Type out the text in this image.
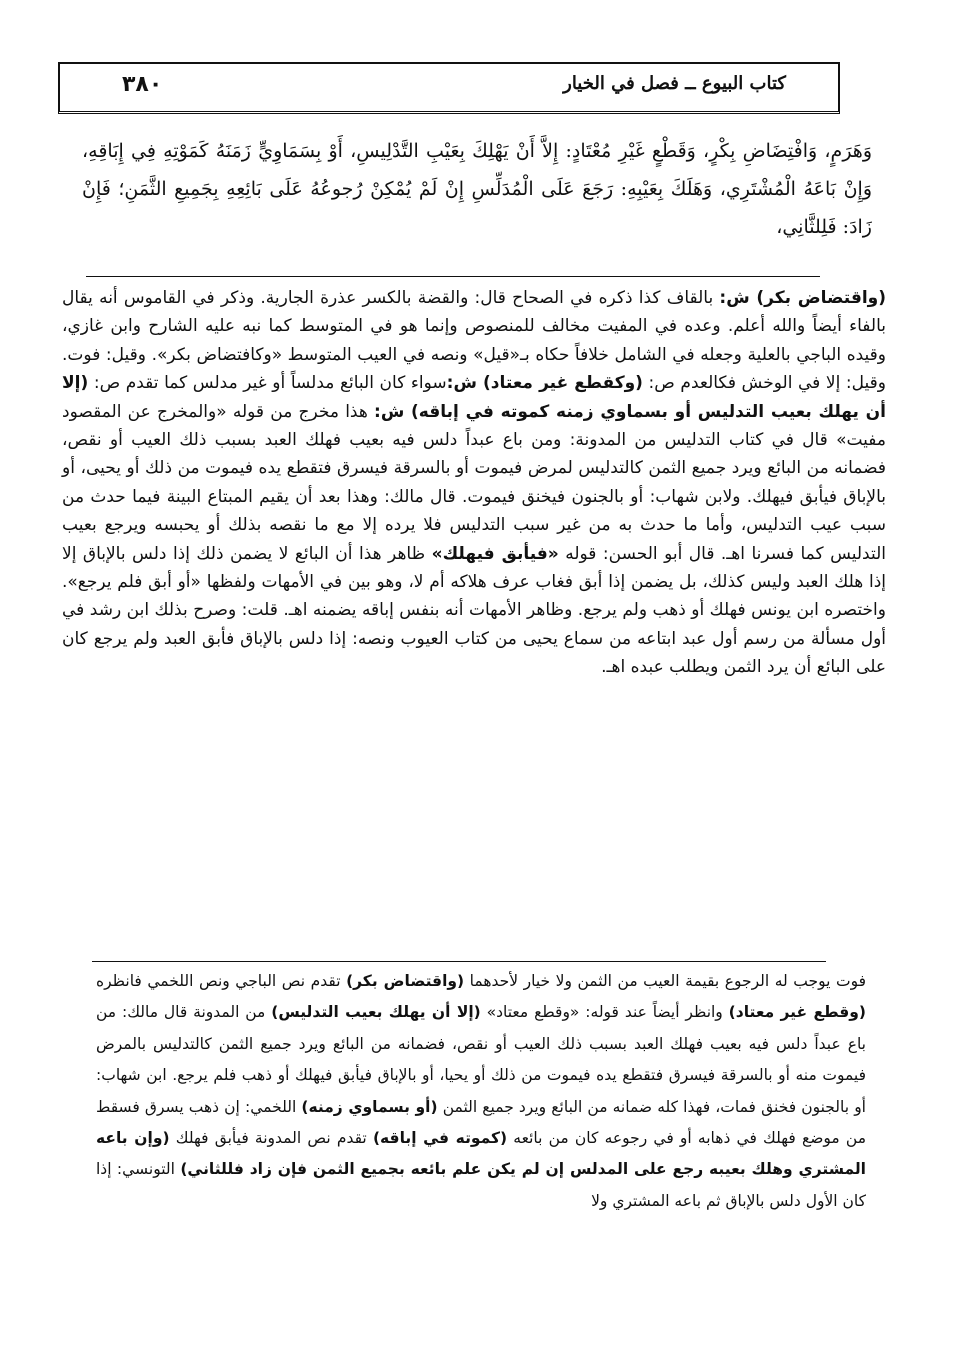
٣٨٠	كتاب البيوع ــ فصل في الخيار

وَهَرَمٍ، وَافْتِضَاضِ بِكْرٍ، وَقَطْعٍ غَيْرِ مُعْتَادٍ: إِلاَّ أَنْ يَهْلِكَ بِعَيْبِ التَّدْلِيسِ، أَوْ بِسَمَاوِيٍّ زَمَنَهُ كَمَوْتِهِ فِي إِبَاقِهِ، وَإِنْ بَاعَهُ الْمُشْتَرِي، وَهَلَكَ بِعَيْبِهِ: رَجَعَ عَلَى الْمُدَلِّسِ إِنْ لَمْ يُمْكِنْ رُجوعُهُ عَلَى بَائِعِهِ بِجَمِيعِ الثَّمَنِ؛ فَإِنْ زَادَ: فَلِلثَّانِي،

(واقتضاض بكر) ش: بالقاف كذا ذكره في الصحاح قال: والقضة بالكسر عذرة الجارية. وذكر في القاموس أنه يقال بالفاء أيضاً والله أعلم. وعده في المفيت مخالف للمنصوص وإنما هو في المتوسط كما نبه عليه الشارح وابن غازي، وقيده الباجي بالعلية وجعله في الشامل خلافاً حكاه بـ«قيل» ونصه في العيب المتوسط «وكافتضاض بكر». وقيل: فوت. وقيل: إلا في الوخش فكالعدم ص: (وكقطع غير معتاد) ش:سواء كان البائع مدلساً أو غير مدلس كما تقدم ص: (إلا أن يهلك بعيب التدليس أو بسماوي زمنه كموته في إباقه) ش: هذا مخرج من قوله «والمخرج عن المقصود مفيت» قال في كتاب التدليس من المدونة: ومن باع عبداً دلس فيه بعيب فهلك العبد بسبب ذلك العيب أو نقص، فضمانه من البائع ويرد جميع الثمن كالتدليس لمرض فيموت أو بالسرقة فيسرق فتقطع يده فيموت من ذلك أو يحيى، أو بالإباق فيأبق فيهلك. ولابن شهاب: أو بالجنون فيخنق فيموت. قال مالك: وهذا بعد أن يقيم المبتاع البينة فيما حدث من سبب عيب التدليس، وأما ما حدث به من غير سبب التدليس فلا يرده إلا مع ما نقصه بذلك أو يحبسه ويرجع بعيب التدليس كما فسرنا اهـ. قال أبو الحسن: قوله «فيأبق فيهلك» ظاهر هذا أن البائع لا يضمن ذلك إذا دلس بالإباق إلا إذا هلك العبد وليس كذلك، بل يضمن إذا أبق فغاب عرف هلاكه أم لا، وهو بين في الأمهات ولفظها «أو أبق فلم يرجع». واختصره ابن يونس فهلك أو ذهب ولم يرجع. وظاهر الأمهات أنه بنفس إباقه يضمنه اهـ. قلت: وصرح بذلك ابن رشد في أول مسألة من رسم أول عبد ابتاعه من سماع يحيى من كتاب العيوب ونصه: إذا دلس بالإباق فأبق العبد ولم يرجع كان على البائع أن يرد الثمن ويطلب عبده اهـ.

فوت يوجب له الرجوع بقيمة العيب من الثمن ولا خيار لأحدهما (واقتضاض بكر) تقدم نص الباجي ونص اللخمي فانظره (وقطع غير معتاد) وانظر أيضاً عند قوله: «وقطع معتاد» (إلا أن يهلك بعيب التدليس) من المدونة قال مالك: من باع عبداً دلس فيه بعيب فهلك العبد بسبب ذلك العيب أو نقص، فضمانه من البائع ويرد جميع الثمن كالتدليس بالمرض فيموت منه أو بالسرقة فيسرق فتقطع يده فيموت من ذلك أو يحيا، أو بالإباق فيأبق فيهلك أو ذهب فلم يرجع. ابن شهاب: أو بالجنون فخنق فمات، فهذا كله ضمانه من البائع ويرد جميع الثمن (أو بسماوي زمنه) اللخمي: إن ذهب يسرق فسقط من موضع فهلك في ذهابه أو في رجوعه كان من بائعه (كموته في إباقه) تقدم نص المدونة فيأبق فهلك (وإن باعه المشتري وهلك بعيبه رجع على المدلس إن لم يكن علم بائعه بجميع الثمن فإن زاد فللثاني) التونسي: إذا كان الأول دلس بالإباق ثم باعه المشتري ولا
